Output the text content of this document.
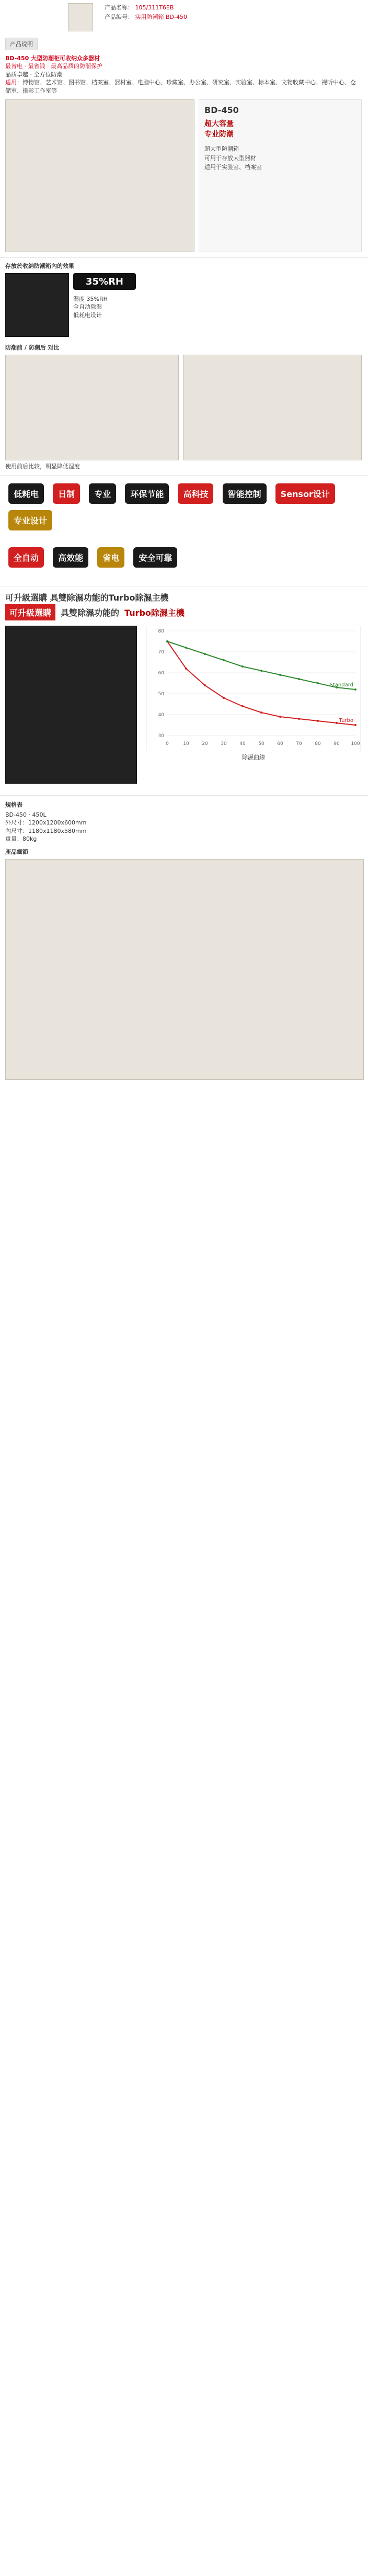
产品名称： 105/311T6EB
产品编号： 实用防潮箱 BD-450
产品说明
BD-450 大型防潮柜可收纳众多器材
最省电 · 最省钱 · 最高品质的防潮保护
品质卓越 · 全方位防潮
适用：博物馆、艺术馆、图书馆、档案室、器材室、电脑中心、珍藏室、办公室、研究室、实验室、标本室、文物收藏中心、视听中心、仓储室、摄影工作室等
BD-450
超大容量
专业防潮
超大型防潮箱
可用于存放大型器材
适用于实验室、档案室
存放於收納防潮箱內的效果
35%RH
湿度 35%RH
全自动除湿
低耗电设计
防潮前 / 防潮后 对比
使用前后比较，明显降低湿度
低耗电 日制 专业 环保节能 高科技 智能控制 Sensor设计 专业设计
全自动 高效能 省电 安全可靠
可升級選購 具雙除濕功能的Turbo除濕主機
可升級選購	具雙除濕功能的 Turbo除濕主機
Turbo
Standard
30
40
50
60
70
80
0	10	20	30	40	50	60	70	80	90 100
除濕曲線
規格表
BD-450 · 450L
外尺寸：1200x1200x600mm
內尺寸：1180x1180x580mm
重量：80kg
產品細節
